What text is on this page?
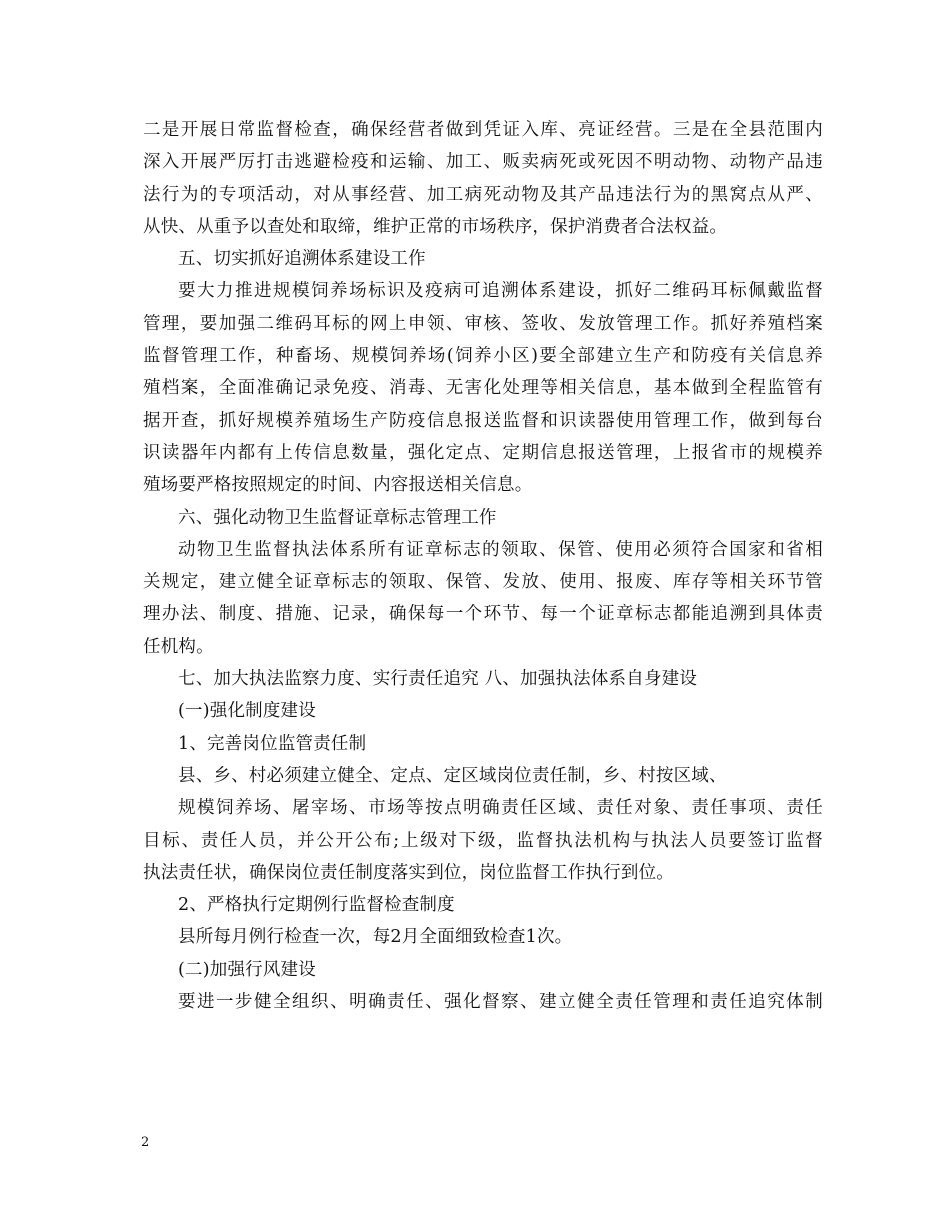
二是开展日常监督检查，确保经营者做到凭证入库、亮证经营。三是在全县范围内
深入开展严厉打击逃避检疫和运输、加工、贩卖病死或死因不明动物、动物产品违
法行为的专项活动，对从事经营、加工病死动物及其产品违法行为的黑窝点从严、
从快、从重予以查处和取缔，维护正常的市场秩序，保护消费者合法权益。
五、切实抓好追溯体系建设工作
要大力推进规模饲养场标识及疫病可追溯体系建设，抓好二维码耳标佩戴监督
管理，要加强二维码耳标的网上申领、审核、签收、发放管理工作。抓好养殖档案
监督管理工作，种畜场、规模饲养场(饲养小区)要全部建立生产和防疫有关信息养
殖档案，全面准确记录免疫、消毒、无害化处理等相关信息，基本做到全程监管有
据开查，抓好规模养殖场生产防疫信息报送监督和识读器使用管理工作，做到每台
识读器年内都有上传信息数量，强化定点、定期信息报送管理，上报省市的规模养
殖场要严格按照规定的时间、内容报送相关信息。
六、强化动物卫生监督证章标志管理工作
动物卫生监督执法体系所有证章标志的领取、保管、使用必须符合国家和省相
关规定，建立健全证章标志的领取、保管、发放、使用、报废、库存等相关环节管
理办法、制度、措施、记录，确保每一个环节、每一个证章标志都能追溯到具体责
任机构。
七、加大执法监察力度、实行责任追究 八、加强执法体系自身建设
(一)强化制度建设
1、完善岗位监管责任制
县、乡、村必须建立健全、定点、定区域岗位责任制，乡、村按区域、
规模饲养场、屠宰场、市场等按点明确责任区域、责任对象、责任事项、责任
目标、责任人员，并公开公布;上级对下级，监督执法机构与执法人员要签订监督
执法责任状，确保岗位责任制度落实到位，岗位监督工作执行到位。
2、严格执行定期例行监督检查制度
县所每月例行检查一次，每2月全面细致检查1次。
(二)加强行风建设
要进一步健全组织、明确责任、强化督察、建立健全责任管理和责任追究体制
2
